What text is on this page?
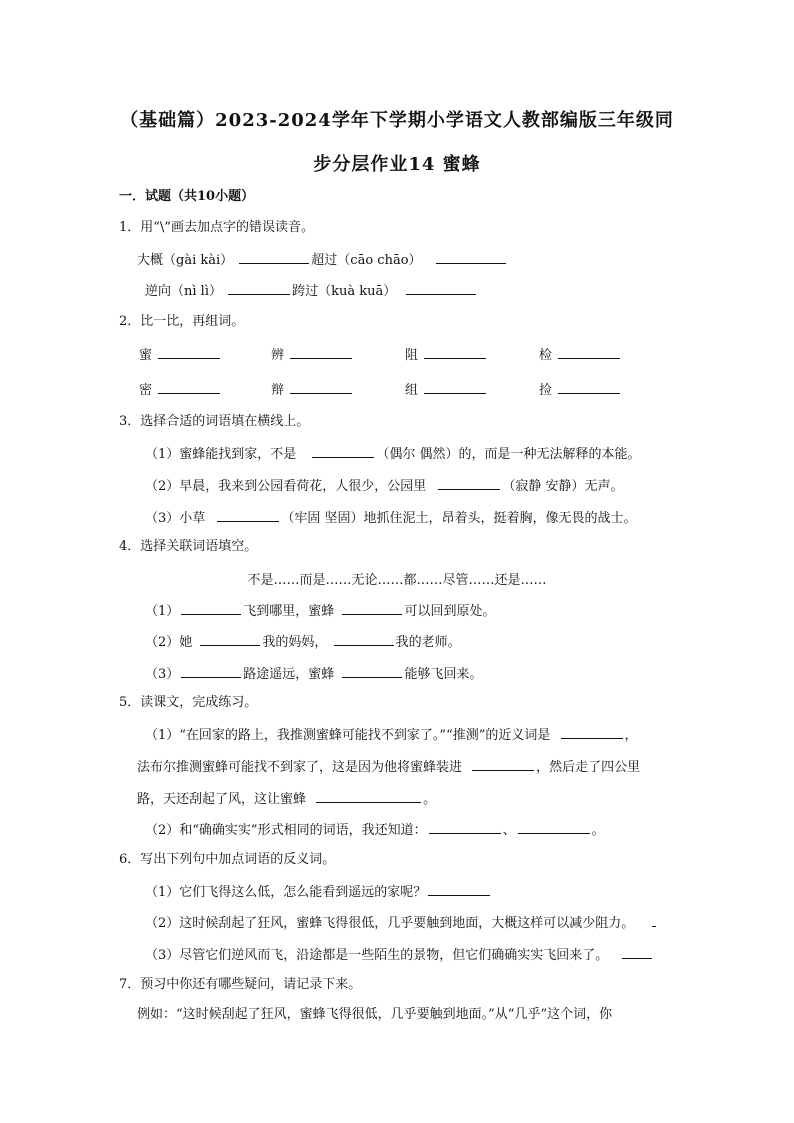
（基础篇）2023-2024学年下学期小学语文人教部编版三年级同
步分层作业14 蜜蜂
一．试题（共10小题）
1．用“\”画去加点字的错误读音。
大概（gài kài）	超过（cāo chāo）
逆向（nì lì）	跨过（kuà kuā）
2．比一比，再组词。
蜜	辨	阻	检
密	辩	组	捡
3．选择合适的词语填在横线上。
（1）蜜蜂能找到家，不是	（偶尔 偶然）的，而是一种无法解释的本能。
（2）早晨，我来到公园看荷花，人很少，公园里	（寂静 安静）无声。
（3）小草	（牢固 坚固）地抓住泥土，昂着头，挺着胸，像无畏的战士。
4．选择关联词语填空。
不是……而是……无论……都……尽管……还是……
（1）	飞到哪里，蜜蜂	可以回到原处。
（2）她	我的妈妈，	我的老师。
（3）	路途遥远，蜜蜂	能够飞回来。
5．读课文，完成练习。
（1）“在回家的路上，我推测蜜蜂可能找不到家了。”“推测”的近义词是	，
法布尔推测蜜蜂可能找不到家了，这是因为他将蜜蜂装进	，然后走了四公里
路，天还刮起了风，这让蜜蜂	。
（2）和“确确实实”形式相同的词语，我还知道：	、	。
6．写出下列句中加点词语的反义词。
（1）它们飞得这么低，怎么能看到遥远的家呢？
（2）这时候刮起了狂风，蜜蜂飞得很低，几乎要触到地面，大概这样可以减少阻力。
（3）尽管它们逆风而飞，沿途都是一些陌生的景物，但它们确确实实飞回来了。
7．预习中你还有哪些疑问，请记录下来。
例如：“这时候刮起了狂风，蜜蜂飞得很低，几乎要触到地面。”从“几乎”这个词，你
